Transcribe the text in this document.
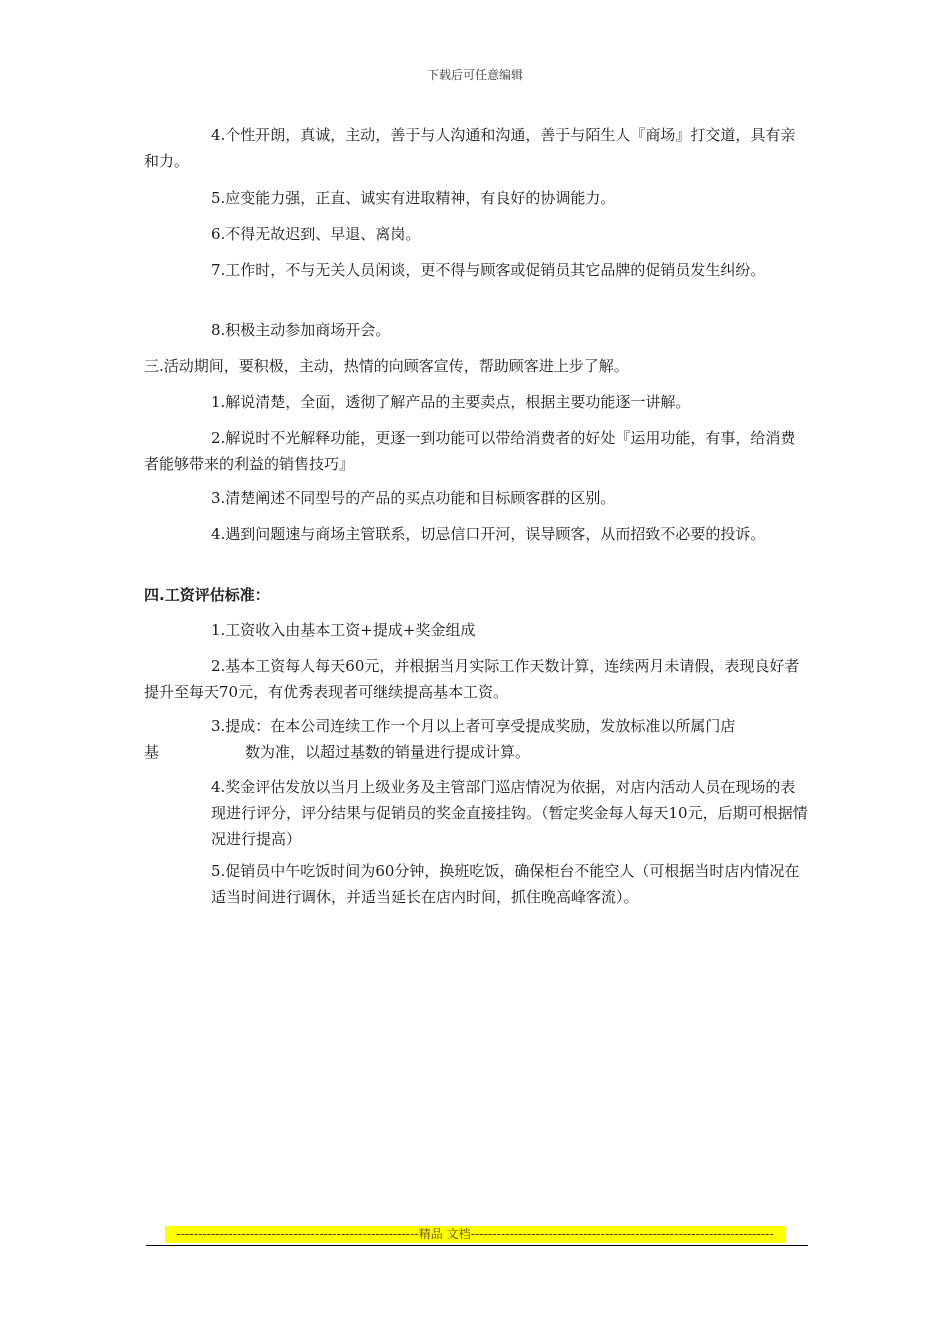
下载后可任意编辑
4.个性开朗，真诚，主动，善于与人沟通和沟通，善于与陌生人『商场』打交道，具有亲和力。
5.应变能力强，正直、诚实有进取精神，有良好的协调能力。
6.不得无故迟到、早退、离岗。
7.工作时，不与无关人员闲谈，更不得与顾客或促销员其它品牌的促销员发生纠纷。
8.积极主动参加商场开会。
三.活动期间，要积极，主动，热情的向顾客宣传，帮助顾客进上步了解。
1.解说清楚，全面，透彻了解产品的主要卖点，根据主要功能逐一讲解。
2.解说时不光解释功能，更逐一到功能可以带给消费者的好处『运用功能，有事，给消费者能够带来的利益的销售技巧』
3.清楚阐述不同型号的产品的买点功能和目标顾客群的区别。
4.遇到问题速与商场主管联系，切忌信口开河，误导顾客，从而招致不必要的投诉。
四.工资评估标准：
1.工资收入由基本工资+提成+奖金组成
2.基本工资每人每天60元，并根据当月实际工作天数计算，连续两月未请假，表现良好者提升至每天70元，有优秀表现者可继续提高基本工资。
3.提成：在本公司连续工作一个月以上者可享受提成奖励，发放标准以所属门店
基	数为准，以超过基数的销量进行提成计算。
4.奖金评估发放以当月上级业务及主管部门巡店情况为依据，对店内活动人员在现场的表现进行评分，评分结果与促销员的奖金直接挂钩。（暂定奖金每人每天10元，后期可根据情况进行提高）
5.促销员中午吃饭时间为60分钟，换班吃饭，确保柜台不能空人（可根据当时店内情况在适当时间进行调休，并适当延长在店内时间，抓住晚高峰客流）。
--------------------------------------------------------精品 文档----------------------------------------------------------------------
